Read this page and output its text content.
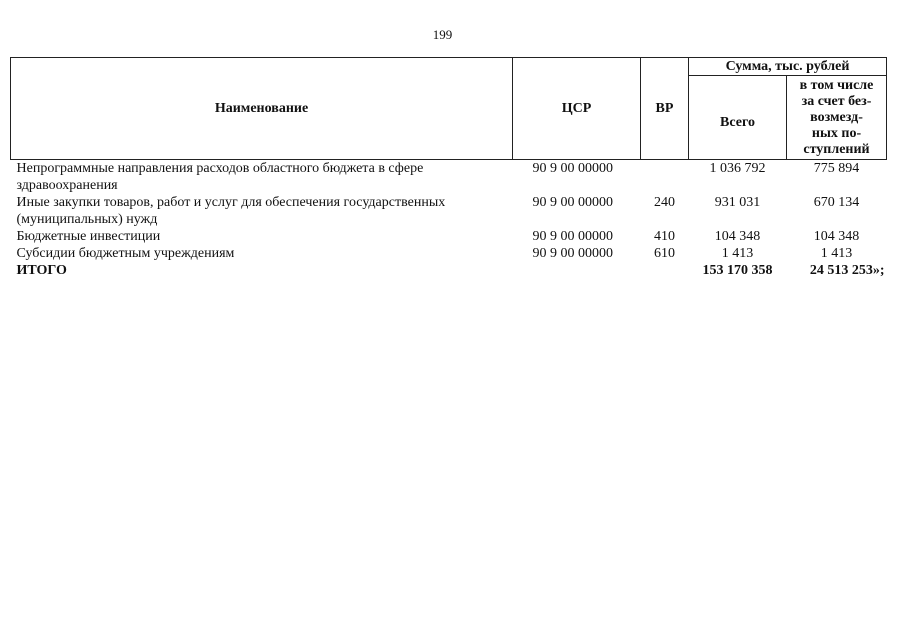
199
Наименование	ЦСР	ВР	Сумма, тыс. рублей	
			Всего	в том числе
за счет без-
возмезд-
ных по-
ступлений
Непрограммные направления расходов областного бюджета в сфере здравоохранения	90 9 00 00000		1 036 792	775 894
Иные закупки товаров, работ и услуг для обеспечения государственных (муниципальных) нужд	90 9 00 00000	240	931 031	670 134
Бюджетные инвестиции	90 9 00 00000	410	104 348	104 348
Субсидии бюджетным учреждениям	90 9 00 00000	610	1 413	1 413
ИТОГО			153 170 358	24 513 253»;
